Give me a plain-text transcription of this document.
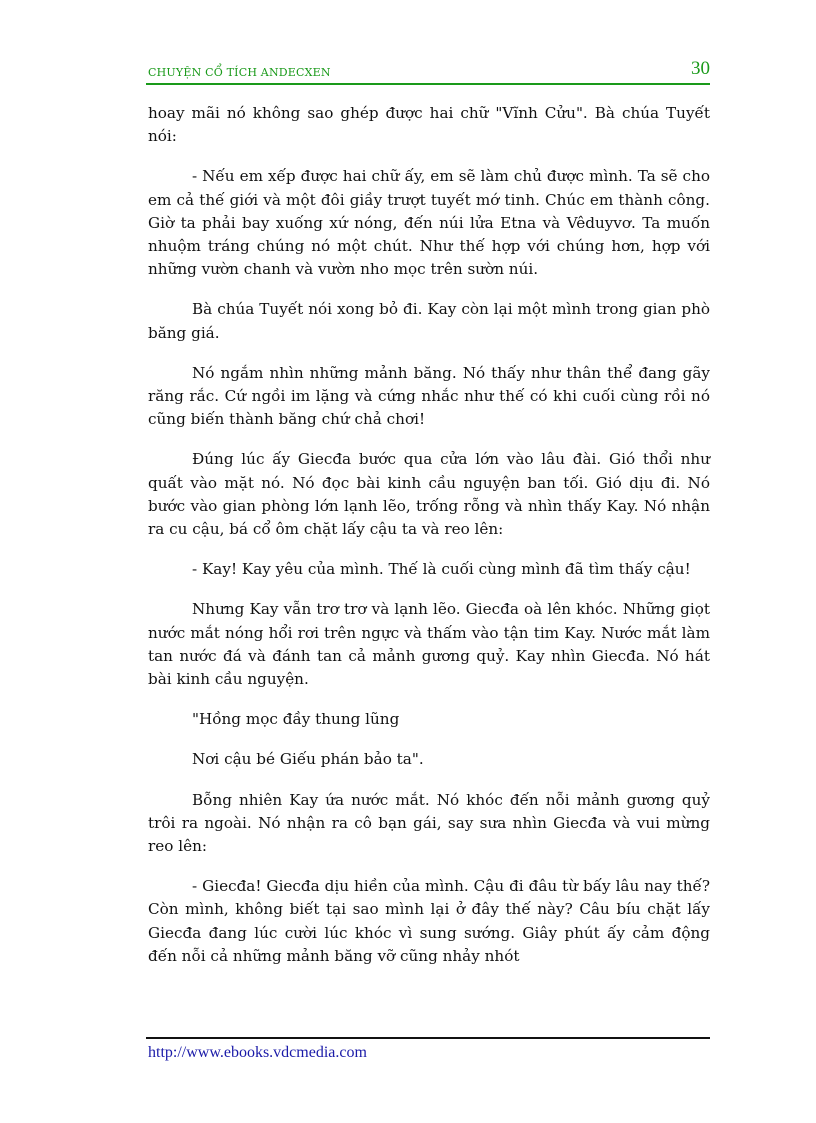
CHUYỆN CỔ TÍCH ANDECXEN	30

hoay mãi nó không sao ghép được hai chữ "Vĩnh Cửu". Bà chúa Tuyết nói:

- Nếu em xếp được hai chữ ấy, em sẽ làm chủ được mình. Ta sẽ cho em cả thế giới và một đôi giầy trượt tuyết mớ tinh. Chúc em thành công. Giờ ta phải bay xuống xứ nóng, đến núi lửa Etna và Vêduyvơ. Ta muốn nhuộm tráng chúng nó một chút. Như thế hợp với chúng hơn, hợp với những vườn chanh và vườn nho mọc trên sườn núi.

Bà chúa Tuyết nói xong bỏ đi. Kay còn lại một mình trong gian phò băng giá.

Nó ngắm nhìn những mảnh băng. Nó thấy như thân thể đang gãy răng rắc. Cứ ngồi im lặng và cứng nhắc như thế có khi cuối cùng rồi nó cũng biến thành băng chứ chả chơi!

Đúng lúc ấy Giecđa bước qua cửa lớn vào lâu đài. Gió thổi như quất vào mặt nó. Nó đọc bài kinh cầu nguyện ban tối. Gió dịu đi. Nó bước vào gian phòng lớn lạnh lẽo, trống rỗng và nhìn thấy Kay. Nó nhận ra cu cậu, bá cổ ôm chặt lấy cậu ta và reo lên:

- Kay! Kay yêu của mình. Thế là cuối cùng mình đã tìm thấy cậu!

Nhưng Kay vẫn trơ trơ và lạnh lẽo. Giecđa oà lên khóc. Những giọt nước mắt nóng hổi rơi trên ngực và thấm vào tận tim Kay. Nước mắt làm tan nước đá và đánh tan cả mảnh gương quỷ. Kay nhìn Giecđa. Nó hát bài kinh cầu nguyện.

"Hồng mọc đầy thung lũng

Nơi cậu bé Giếu phán bảo ta".

Bỗng nhiên Kay ứa nước mắt. Nó khóc đến nỗi mảnh gương quỷ trôi ra ngoài. Nó nhận ra cô bạn gái, say sưa nhìn Giecđa và vui mừng reo lên:

- Giecđa! Giecđa dịu hiền của mình. Cậu đi đâu từ bấy lâu nay thế? Còn mình, không biết tại sao mình lại ở đây thế này? Câu bíu chặt lấy Giecđa đang lúc cười lúc khóc vì sung sướng. Giây phút ấy cảm động đến nỗi cả những mảnh băng vỡ cũng nhảy nhót

http://www.ebooks.vdcmedia.com
